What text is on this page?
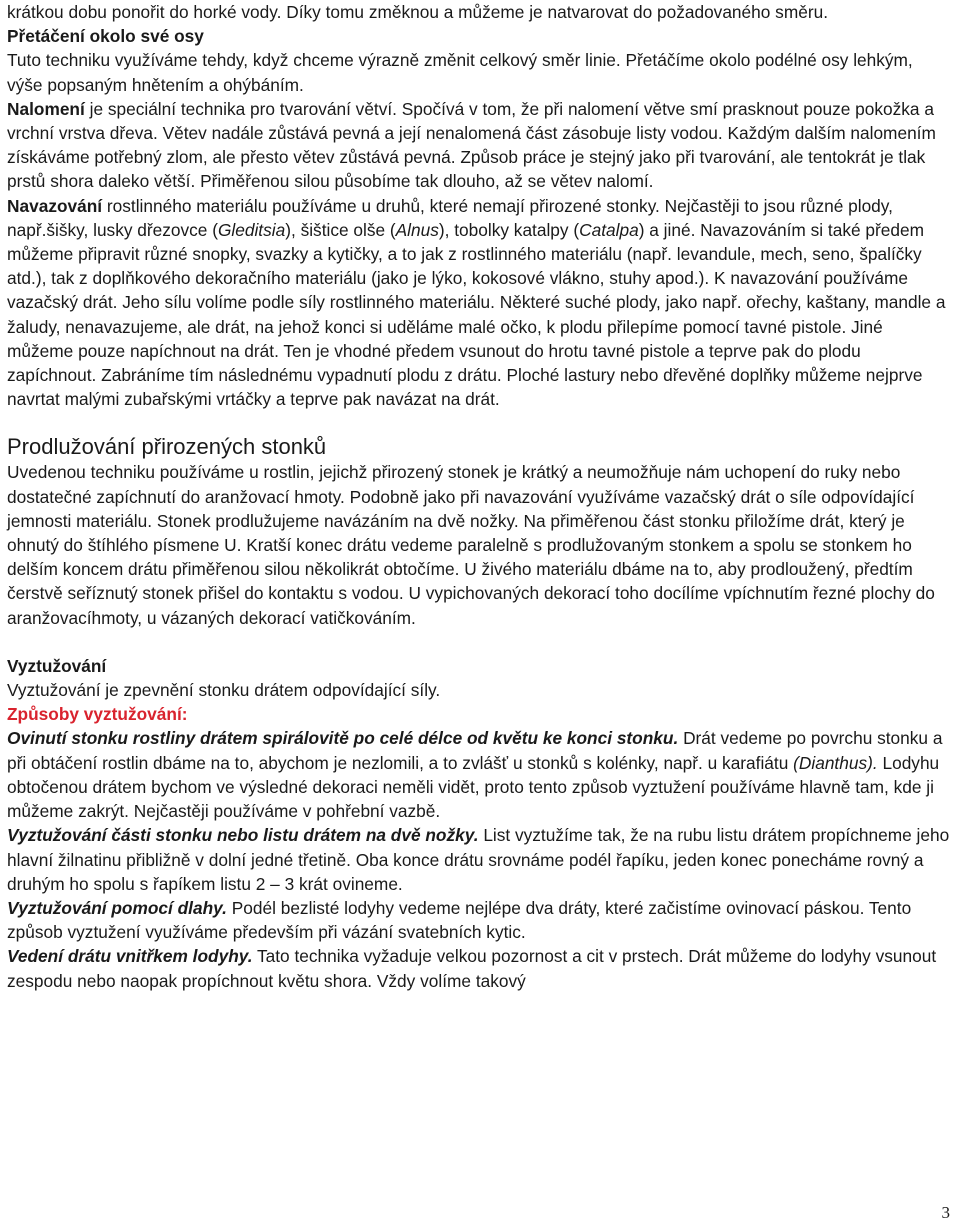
krátkou dobu ponořit do horké vody. Díky tomu změknou a můžeme je natvarovat do požadovaného směru.

Přetáčení okolo své osy

Tuto techniku využíváme tehdy, když chceme výrazně změnit celkový směr linie. Přetáčíme okolo podélné osy lehkým, výše popsaným hnětením a ohýbáním.

Nalomení je speciální technika pro tvarování větví. Spočívá v tom, že při nalomení větve smí prasknout pouze pokožka a vrchní vrstva dřeva. Větev nadále zůstává pevná a její nenalomená část zásobuje listy vodou. Každým dalším nalomením získáváme potřebný zlom, ale přesto větev zůstává pevná. Způsob práce je stejný jako při tvarování, ale tentokrát je tlak prstů shora daleko větší. Přiměřenou silou působíme tak dlouho, až se větev nalomí.

Navazování rostlinného materiálu používáme u druhů, které nemají přirozené stonky. Nejčastěji to jsou různé plody, např.šišky, lusky dřezovce (Gleditsia), šištice olše (Alnus), tobolky katalpy (Catalpa) a jiné. Navazováním si také předem můžeme připravit různé snopky, svazky a kytičky, a to jak z rostlinného materiálu (např. levandule, mech, seno, špalíčky atd.), tak z doplňkového dekoračního materiálu (jako je lýko, kokosové vlákno, stuhy apod.). K navazování používáme vazačský drát. Jeho sílu volíme podle síly rostlinného materiálu. Některé suché plody, jako např. ořechy, kaštany, mandle a žaludy, nenavazujeme, ale drát, na jehož konci si uděláme malé očko, k plodu přilepíme pomocí tavné pistole. Jiné můžeme pouze napíchnout na drát. Ten je vhodné předem vsunout do hrotu tavné pistole a teprve pak do plodu zapíchnout. Zabráníme tím následnému vypadnutí plodu z drátu. Ploché lastury nebo dřevěné doplňky můžeme nejprve navrtat malými zubařskými vrtáčky a teprve pak navázat na drát.

Prodlužování přirozených stonků

Uvedenou techniku používáme u rostlin, jejichž přirozený stonek je krátký a neumožňuje nám uchopení do ruky nebo dostatečné zapíchnutí do aranžovací hmoty. Podobně jako při navazování využíváme vazačský drát o síle odpovídající jemnosti materiálu. Stonek prodlužujeme navázáním na dvě nožky. Na přiměřenou část stonku přiložíme drát, který je ohnutý do štíhlého písmene U. Kratší konec drátu vedeme paralelně s prodlužovaným stonkem a spolu se stonkem ho delším koncem drátu přiměřenou silou několikrát obtočíme. U živého materiálu dbáme na to, aby prodloužený, předtím čerstvě seříznutý stonek přišel do kontaktu s vodou. U vypichovaných dekorací toho docílíme vpíchnutím řezné plochy do aranžovacíhmoty, u vázaných dekorací vatičkováním.

Vyztužování

Vyztužování je zpevnění stonku drátem odpovídající síly.

Způsoby vyztužování:

Ovinutí stonku rostliny drátem spirálovitě po celé délce od květu ke konci stonku. Drát vedeme po povrchu stonku a při obtáčení rostlin dbáme na to, abychom je nezlomili, a to zvlášť u stonků s kolénky, např. u karafiátu (Dianthus). Lodyhu obtočenou drátem bychom ve výsledné dekoraci neměli vidět, proto tento způsob vyztužení používáme hlavně tam, kde ji můžeme zakrýt. Nejčastěji používáme v pohřební vazbě.

Vyztužování části stonku nebo listu drátem na dvě nožky. List vyztužíme tak, že na rubu listu drátem propíchneme jeho hlavní žilnatinu přibližně v dolní jedné třetině. Oba konce drátu srovnáme podél řapíku, jeden konec ponecháme rovný a druhým ho spolu s řapíkem listu 2 – 3 krát ovineme.

Vyztužování pomocí dlahy. Podél bezlisté lodyhy vedeme nejlépe dva dráty, které začistíme ovinovací páskou. Tento způsob vyztužení využíváme především při vázání svatebních kytic.

Vedení drátu vnitřkem lodyhy. Tato technika vyžaduje velkou pozornost a cit v prstech. Drát můžeme do lodyhy vsunout zespodu nebo naopak propíchnout květu shora. Vždy volíme takový

3
